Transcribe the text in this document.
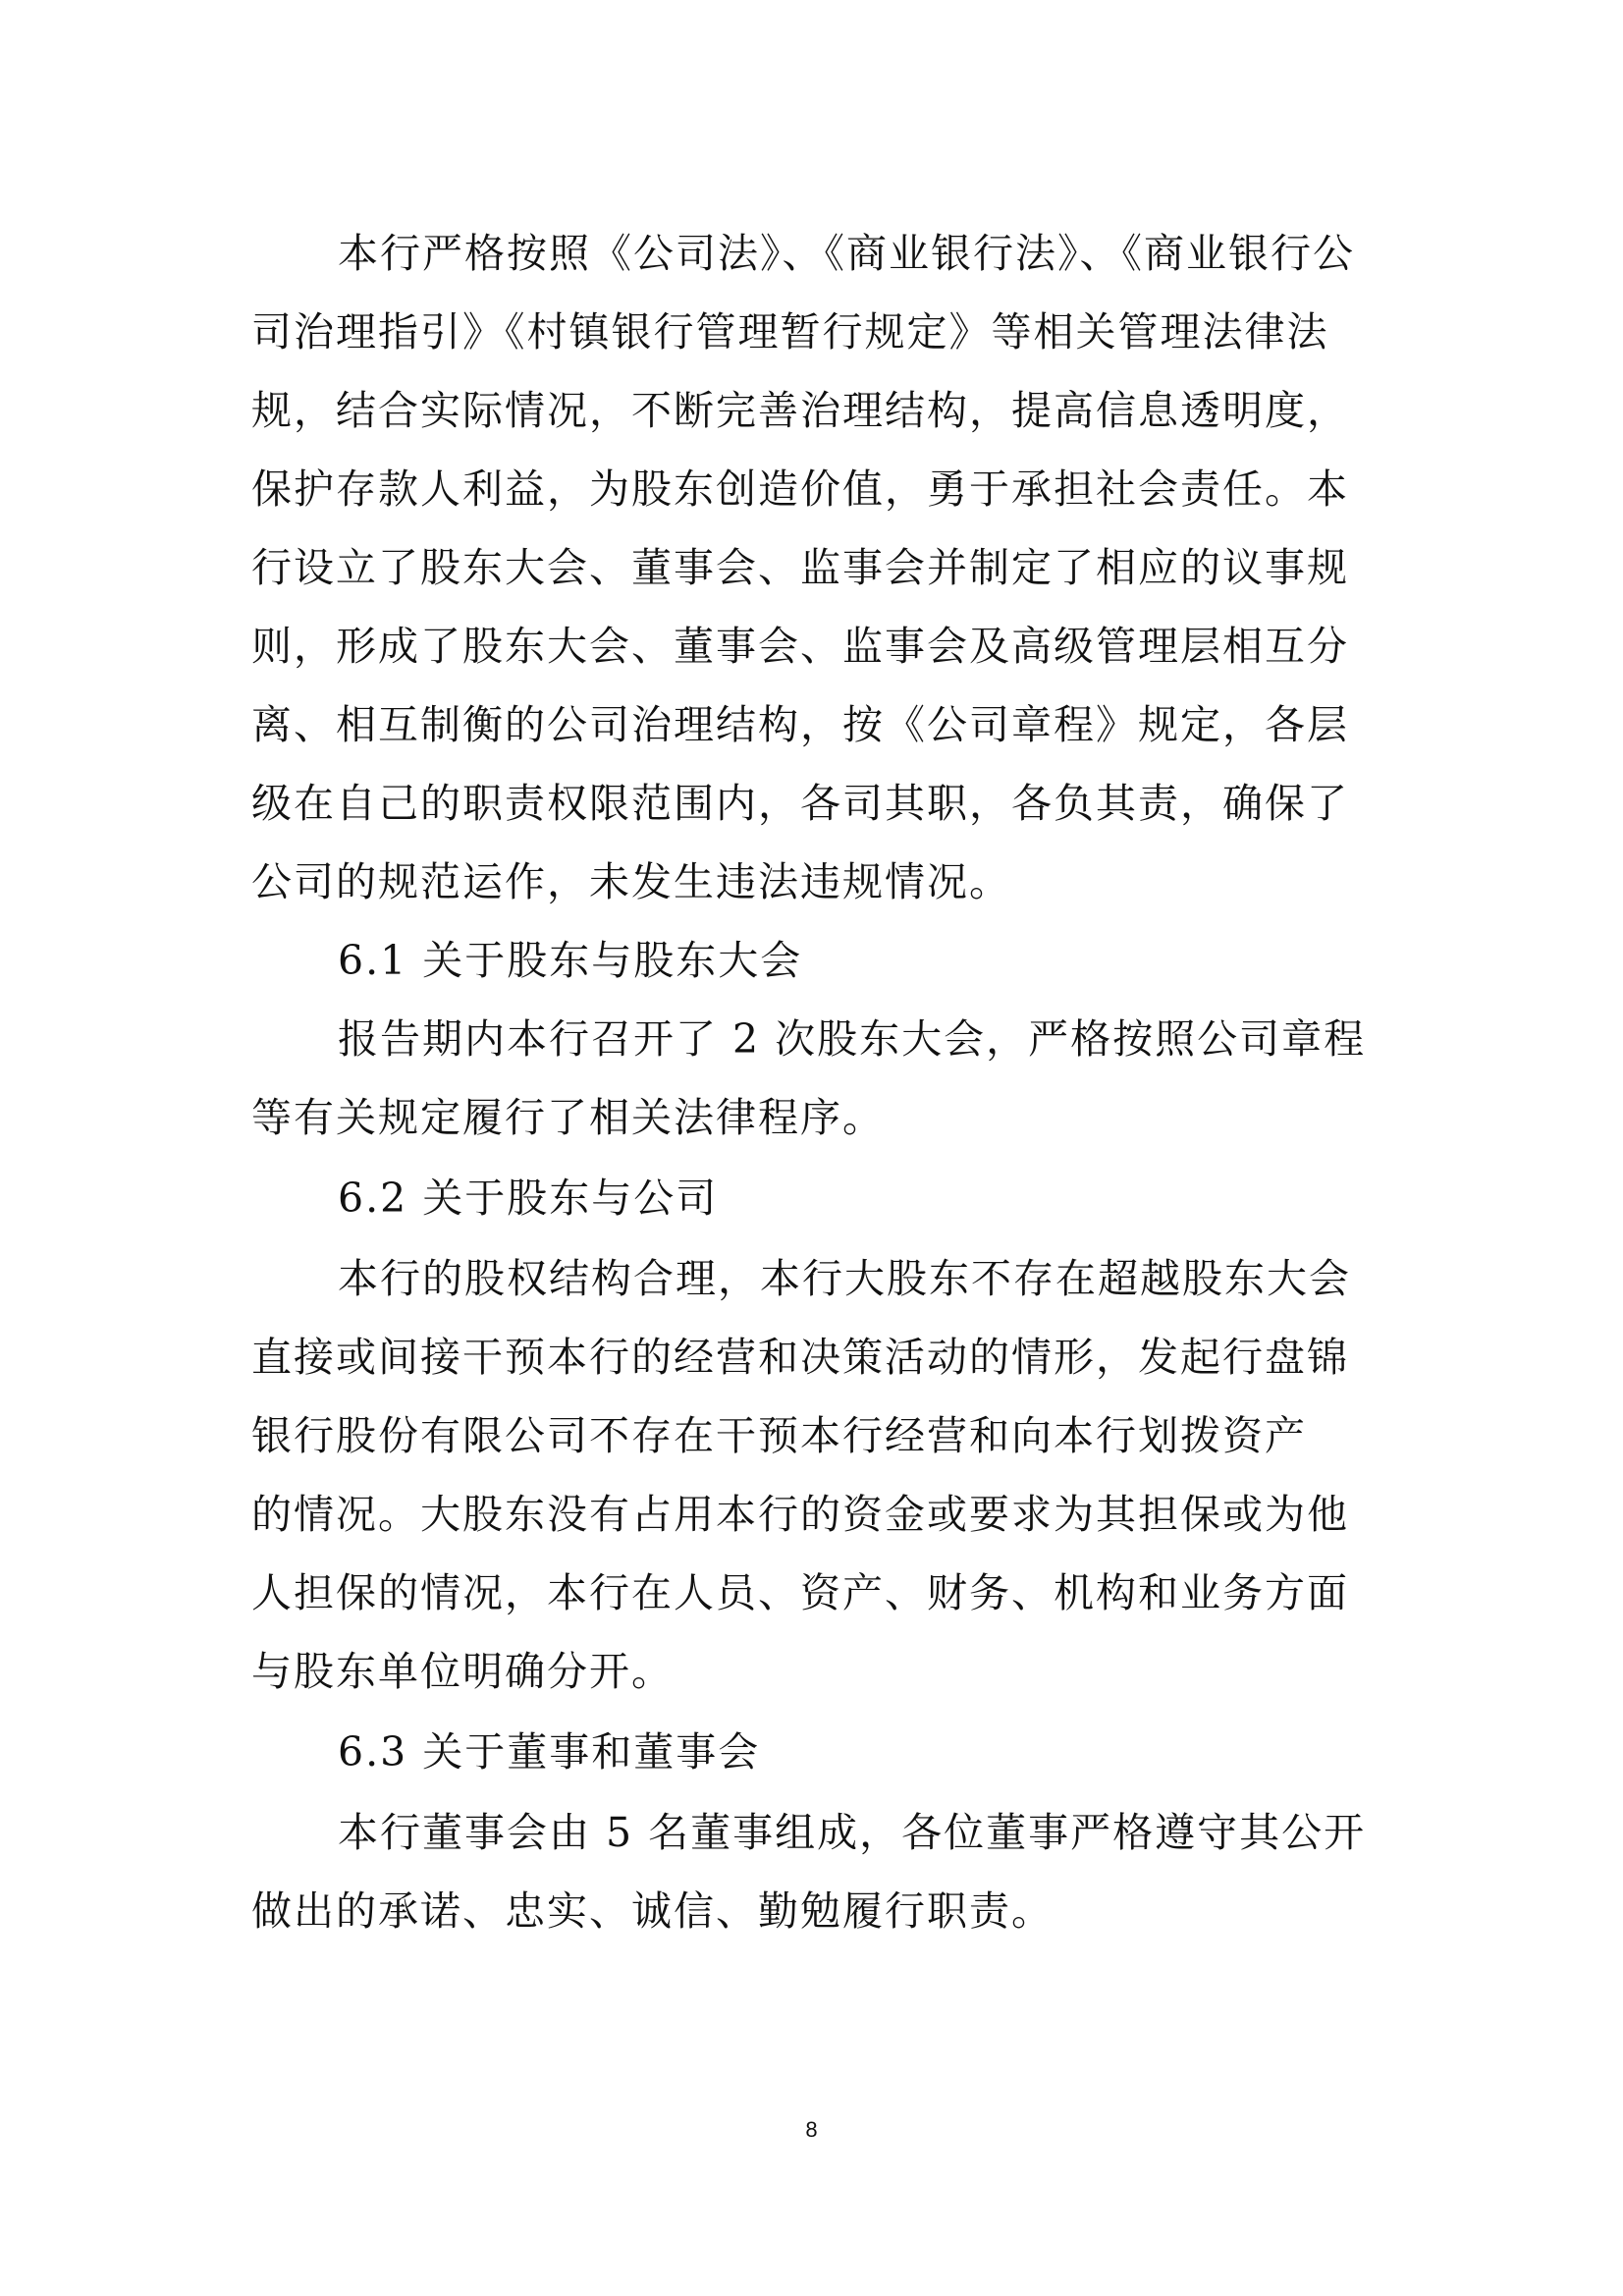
本行严格按照《公司法》、《商业银行法》、《商业银行公
司治理指引》《村镇银行管理暂行规定》等相关管理法律法
规，结合实际情况，不断完善治理结构，提高信息透明度，
保护存款人利益，为股东创造价值，勇于承担社会责任。本
行设立了股东大会、董事会、监事会并制定了相应的议事规
则，形成了股东大会、董事会、监事会及高级管理层相互分
离、相互制衡的公司治理结构，按《公司章程》规定，各层
级在自己的职责权限范围内，各司其职，各负其责，确保了
公司的规范运作，未发生违法违规情况。
6.1 关于股东与股东大会
报告期内本行召开了 2 次股东大会，严格按照公司章程
等有关规定履行了相关法律程序。
6.2 关于股东与公司
本行的股权结构合理，本行大股东不存在超越股东大会
直接或间接干预本行的经营和决策活动的情形，发起行盘锦
银行股份有限公司不存在干预本行经营和向本行划拨资产
的情况。大股东没有占用本行的资金或要求为其担保或为他
人担保的情况，本行在人员、资产、财务、机构和业务方面
与股东单位明确分开。
6.3 关于董事和董事会
本行董事会由 5 名董事组成，各位董事严格遵守其公开
做出的承诺、忠实、诚信、勤勉履行职责。
8
